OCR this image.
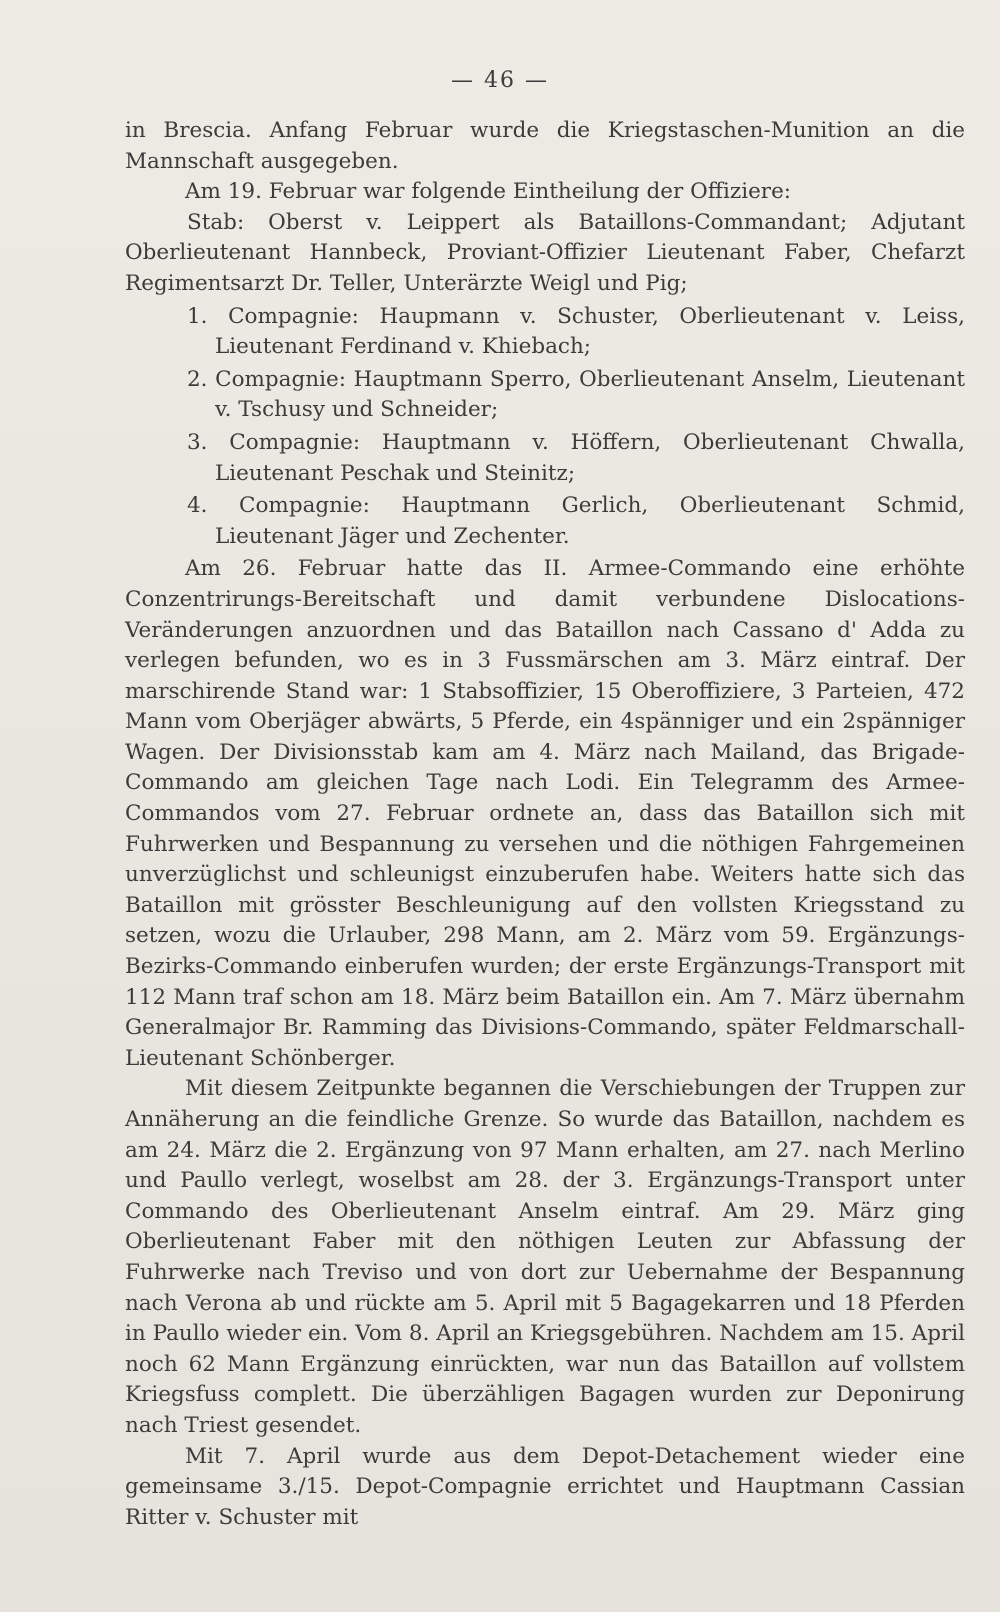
— 46 —

in Brescia. Anfang Februar wurde die Kriegstaschen-Munition an die Mannschaft ausgegeben.

Am 19. Februar war folgende Eintheilung der Offiziere:

Stab: Oberst v. Leippert als Bataillons-Commandant; Adjutant Oberlieutenant Hannbeck, Proviant-Offizier Lieutenant Faber, Chefarzt Regimentsarzt Dr. Teller, Unterärzte Weigl und Pig;

1. Compagnie: Haupmann v. Schuster, Oberlieutenant v. Leiss, Lieutenant Ferdinand v. Khiebach;

2. Compagnie: Hauptmann Sperro, Oberlieutenant Anselm, Lieutenant v. Tschusy und Schneider;

3. Compagnie: Hauptmann v. Höffern, Oberlieutenant Chwalla, Lieutenant Peschak und Steinitz;

4. Compagnie: Hauptmann Gerlich, Oberlieutenant Schmid, Lieutenant Jäger und Zechenter.

Am 26. Februar hatte das II. Armee-Commando eine erhöhte Conzentrirungs-Bereitschaft und damit verbundene Dislocations-Veränderungen anzuordnen und das Bataillon nach Cassano d' Adda zu verlegen befunden, wo es in 3 Fussmärschen am 3. März eintraf. Der marschirende Stand war: 1 Stabsoffizier, 15 Oberoffiziere, 3 Parteien, 472 Mann vom Oberjäger abwärts, 5 Pferde, ein 4spänniger und ein 2spänniger Wagen. Der Divisionsstab kam am 4. März nach Mailand, das Brigade-Commando am gleichen Tage nach Lodi. Ein Telegramm des Armee-Commandos vom 27. Februar ordnete an, dass das Bataillon sich mit Fuhrwerken und Bespannung zu versehen und die nöthigen Fahrgemeinen unverzüglichst und schleunigst einzuberufen habe. Weiters hatte sich das Bataillon mit grösster Beschleunigung auf den vollsten Kriegsstand zu setzen, wozu die Urlauber, 298 Mann, am 2. März vom 59. Ergänzungs-Bezirks-Commando einberufen wurden; der erste Ergänzungs-Transport mit 112 Mann traf schon am 18. März beim Bataillon ein. Am 7. März übernahm Generalmajor Br. Ramming das Divisions-Commando, später Feldmarschall-Lieutenant Schönberger.

Mit diesem Zeitpunkte begannen die Verschiebungen der Truppen zur Annäherung an die feindliche Grenze. So wurde das Bataillon, nachdem es am 24. März die 2. Ergänzung von 97 Mann erhalten, am 27. nach Merlino und Paullo verlegt, woselbst am 28. der 3. Ergänzungs-Transport unter Commando des Oberlieutenant Anselm eintraf. Am 29. März ging Oberlieutenant Faber mit den nöthigen Leuten zur Abfassung der Fuhrwerke nach Treviso und von dort zur Uebernahme der Bespannung nach Verona ab und rückte am 5. April mit 5 Bagagekarren und 18 Pferden in Paullo wieder ein. Vom 8. April an Kriegsgebühren. Nachdem am 15. April noch 62 Mann Ergänzung einrückten, war nun das Bataillon auf vollstem Kriegsfuss complett. Die überzähligen Bagagen wurden zur Deponirung nach Triest gesendet.

Mit 7. April wurde aus dem Depot-Detachement wieder eine gemeinsame 3./15. Depot-Compagnie errichtet und Hauptmann Cassian Ritter v. Schuster mit
